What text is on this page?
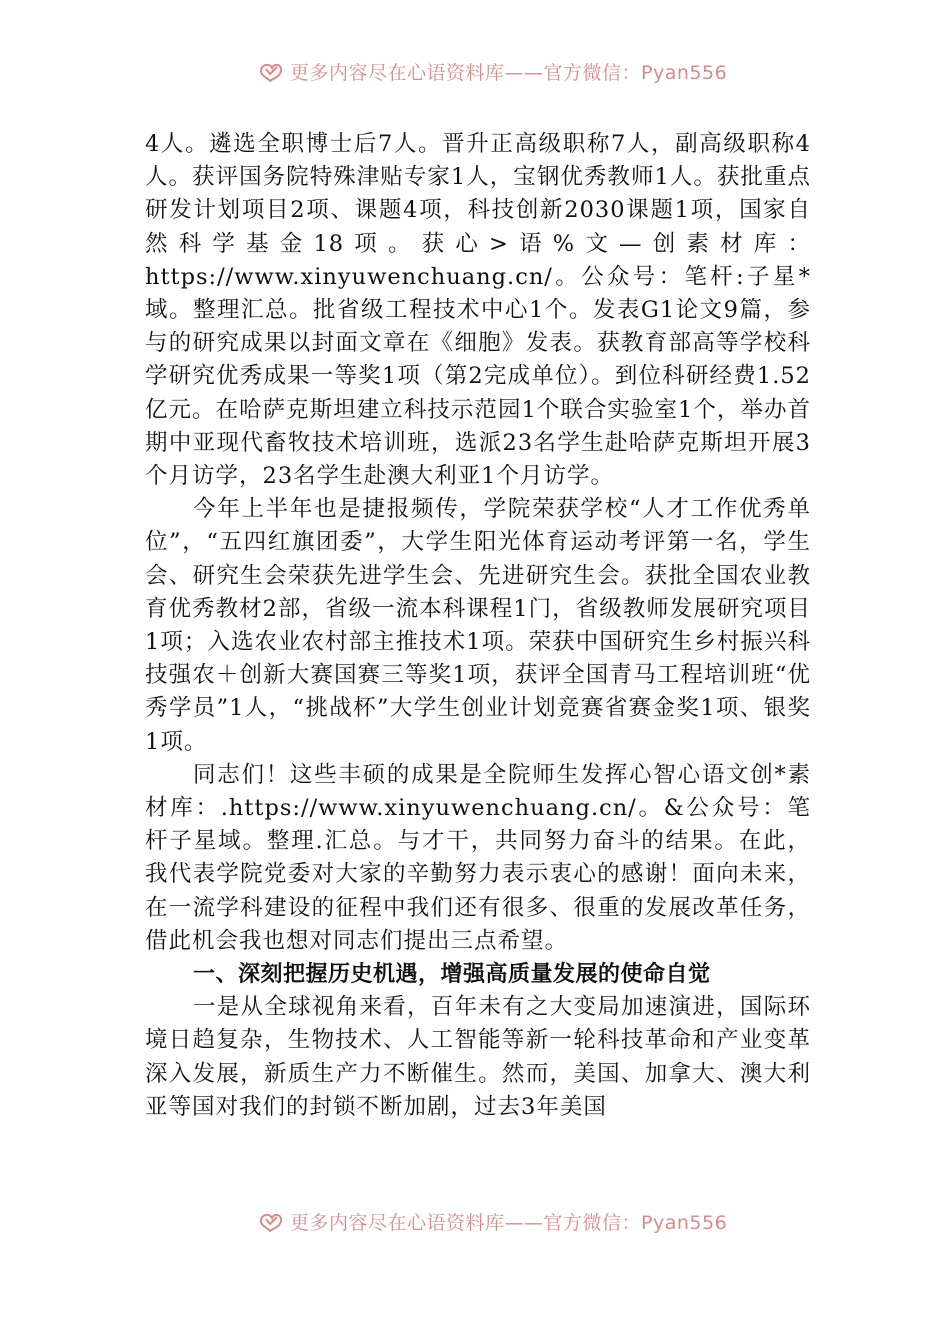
更多内容尽在心语资料库——官方微信：Pyan556

4人。遴选全职博士后7人。晋升正高级职称7人，副高级职称4人。获评国务院特殊津贴专家1人，宝钢优秀教师1人。获批重点研发计划项目2项、课题4项，科技创新2030课题1项，国家自然科学基金18项。获心>语%文—创素材库：https://www.xinyuwenchuang.cn/。公众号：笔杆:子星*域。整理汇总。批省级工程技术中心1个。发表G1论文9篇，参与的研究成果以封面文章在《细胞》发表。获教育部高等学校科学研究优秀成果一等奖1项（第2完成单位）。到位科研经费1.52亿元。在哈萨克斯坦建立科技示范园1个联合实验室1个，举办首期中亚现代畜牧技术培训班，选派23名学生赴哈萨克斯坦开展3个月访学，23名学生赴澳大利亚1个月访学。

今年上半年也是捷报频传，学院荣获学校“人才工作优秀单位”，“五四红旗团委”，大学生阳光体育运动考评第一名，学生会、研究生会荣获先进学生会、先进研究生会。获批全国农业教育优秀教材2部，省级一流本科课程1门，省级教师发展研究项目1项；入选农业农村部主推技术1项。荣获中国研究生乡村振兴科技强农＋创新大赛国赛三等奖1项，获评全国青马工程培训班“优秀学员”1人，“挑战杯”大学生创业计划竞赛省赛金奖1项、银奖1项。

同志们！这些丰硕的成果是全院师生发挥心智心语文创*素材库：.https://www.xinyuwenchuang.cn/。&公众号：笔杆子星域。整理.汇总。与才干，共同努力奋斗的结果。在此，我代表学院党委对大家的辛勤努力表示衷心的感谢！面向未来，在一流学科建设的征程中我们还有很多、很重的发展改革任务，借此机会我也想对同志们提出三点希望。

一、深刻把握历史机遇，增强高质量发展的使命自觉

一是从全球视角来看，百年未有之大变局加速演进，国际环境日趋复杂，生物技术、人工智能等新一轮科技革命和产业变革深入发展，新质生产力不断催生。然而，美国、加拿大、澳大利亚等国对我们的封锁不断加剧，过去3年美国

更多内容尽在心语资料库——官方微信：Pyan556
